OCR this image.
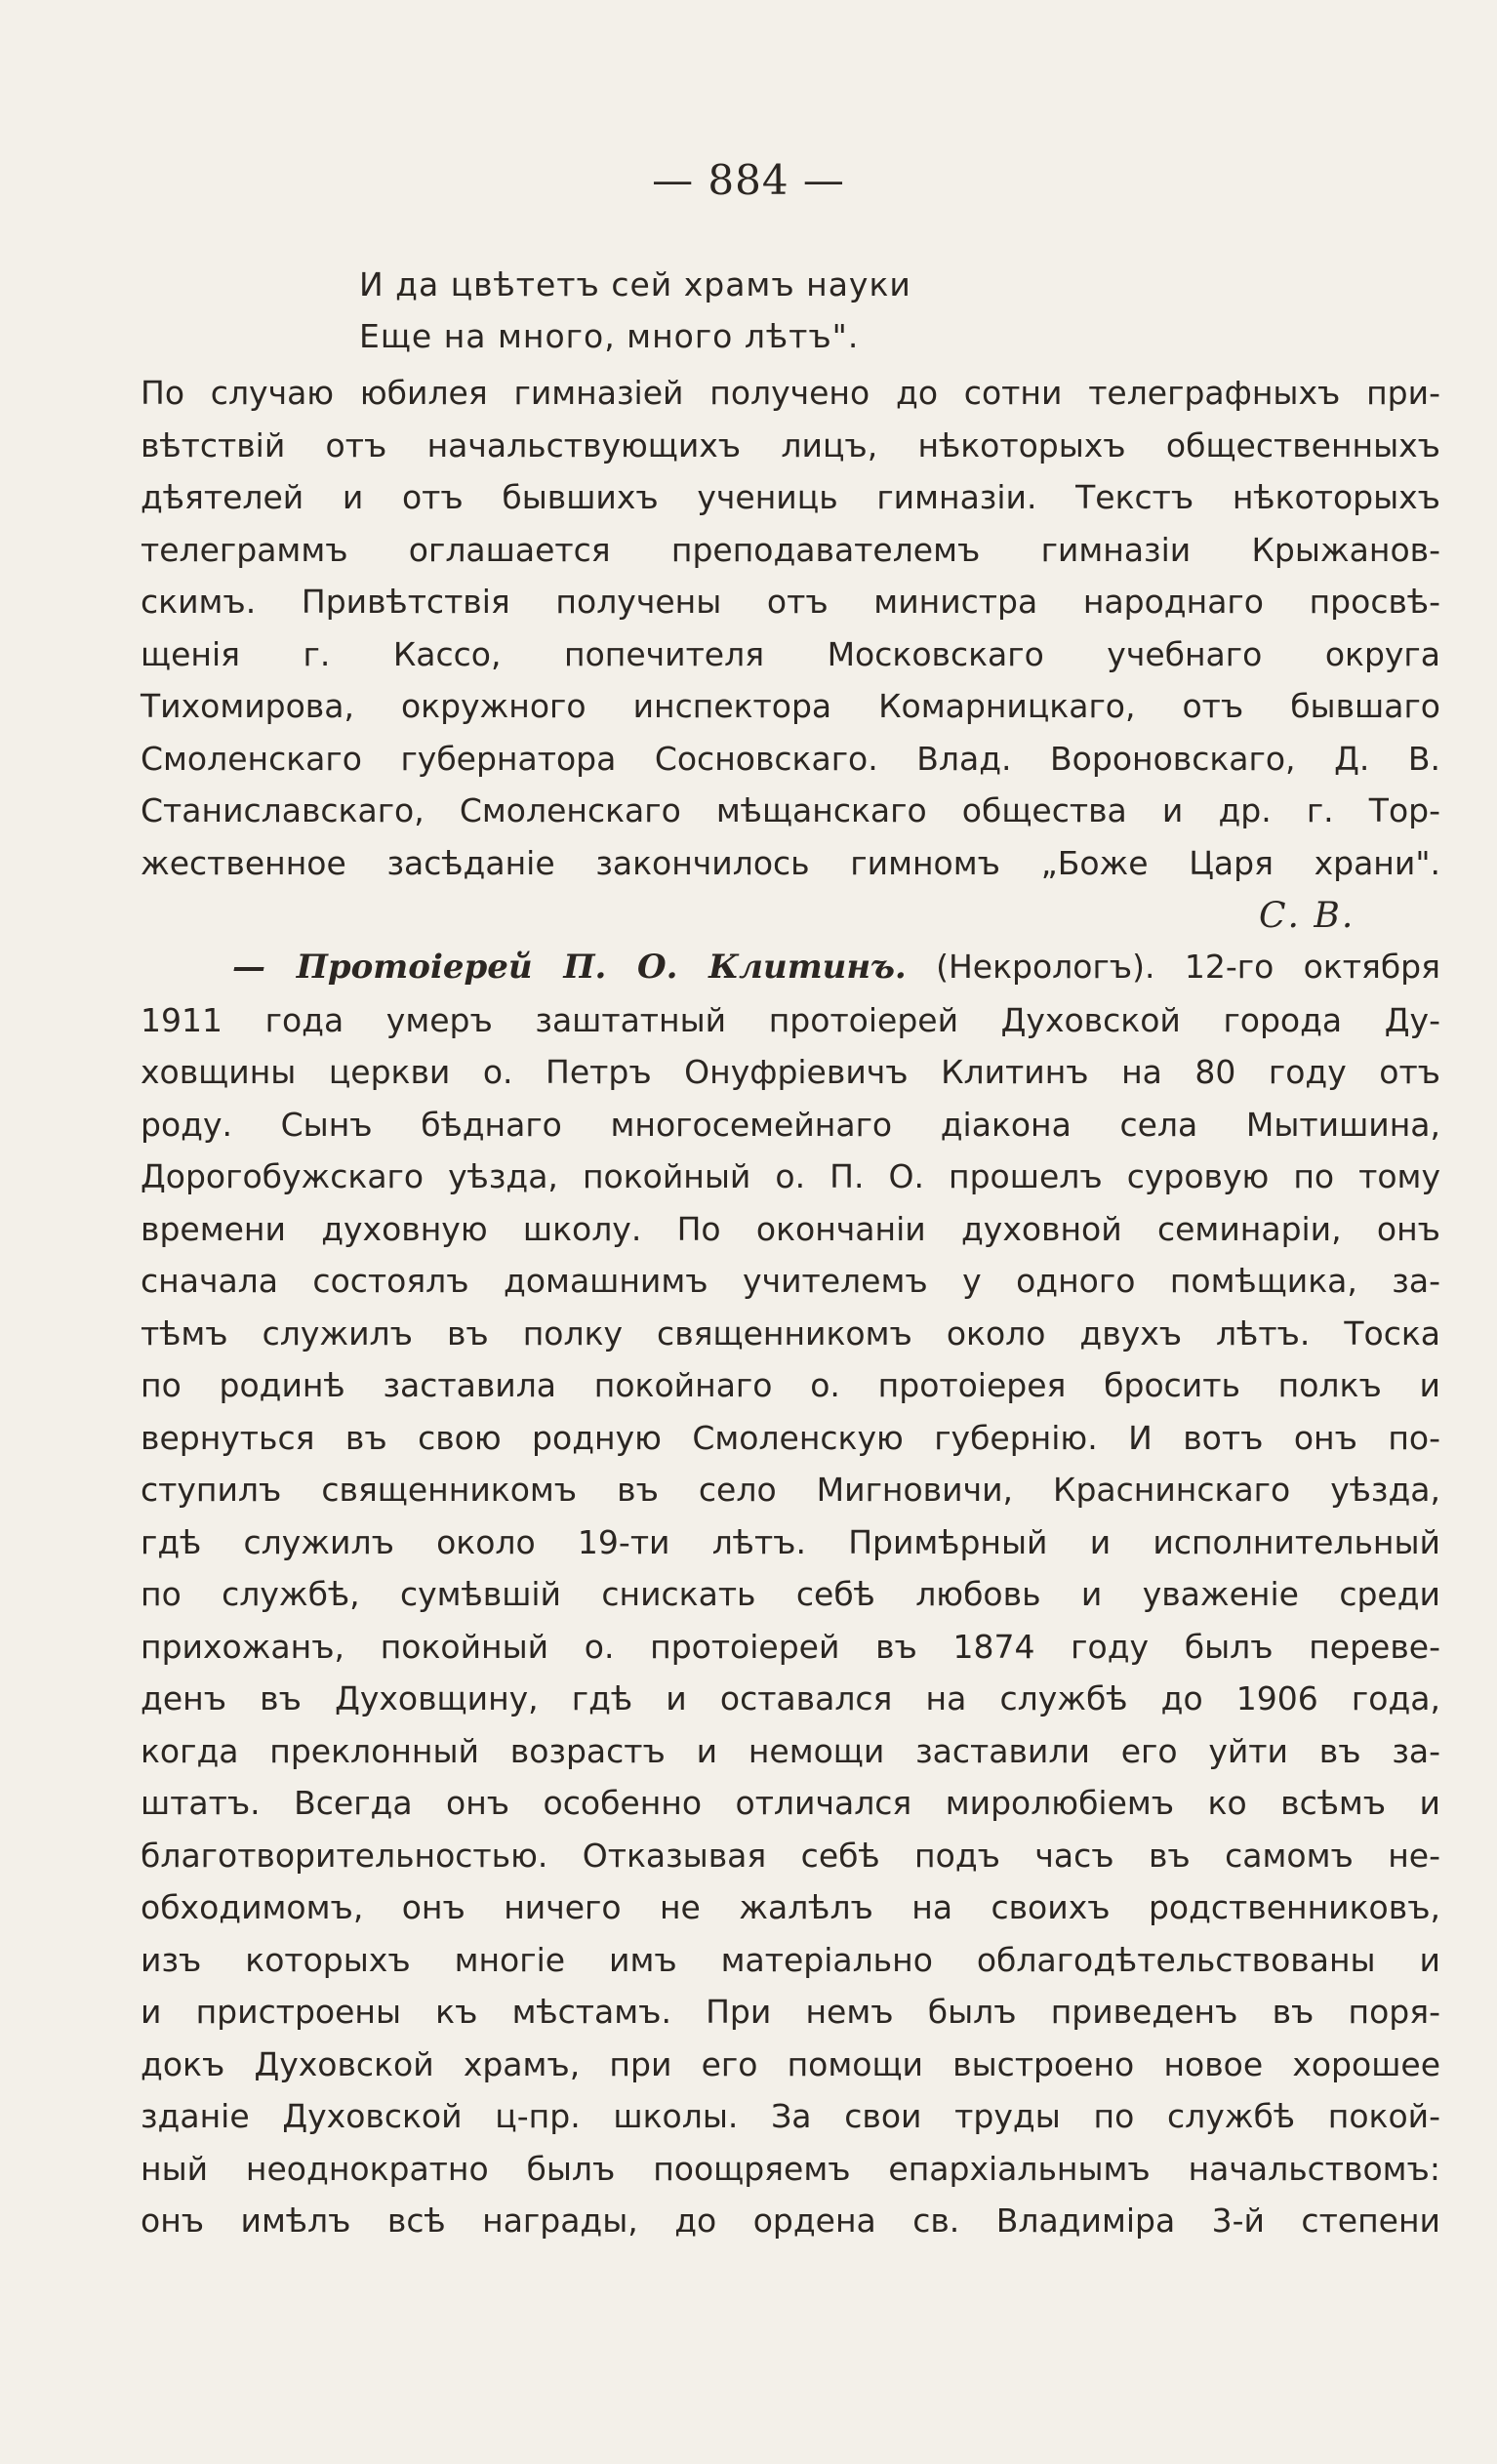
— 884 —
И да цвѣтетъ сей храмъ науки
Еще на много, много лѣтъ".
По случаю юбилея гимназіей получено до сотни телеграфныхъ при-
вѣтствій отъ начальствующихъ лицъ, нѣкоторыхъ общественныхъ
дѣятелей и отъ бывшихъ учениць гимназіи. Текстъ нѣкоторыхъ
телеграммъ оглашается преподавателемъ гимназіи Крыжанов-
скимъ. Привѣтствія получены отъ министра народнаго просвѣ-
щенія г. Кассо, попечителя Московскаго учебнаго округа
Тихомирова, окружного инспектора Комарницкаго, отъ бывшаго
Смоленскаго губернатора Сосновскаго. Влад. Вороновскаго, Д. В.
Станиславскаго, Смоленскаго мѣщанскаго общества и др. г. Тор-
жественное засѣданіе закончилось гимномъ „Боже Царя храни".
С. В.
— Протоіерей П. О. Клитинъ. (Некрологъ). 12-го октября
1911 года умеръ заштатный протоіерей Духовской города Ду-
ховщины церкви о. Петръ Онуфріевичъ Клитинъ на 80 году отъ
роду. Сынъ бѣднаго многосемейнаго діакона села Мытишина,
Дорогобужскаго уѣзда, покойный о. П. О. прошелъ суровую по тому
времени духовную школу. По окончаніи духовной семинаріи, онъ
сначала состоялъ домашнимъ учителемъ у одного помѣщика, за-
тѣмъ служилъ въ полку священникомъ около двухъ лѣтъ. Тоска
по родинѣ заставила покойнаго о. протоіерея бросить полкъ и
вернуться въ свою родную Смоленскую губернію. И вотъ онъ по-
ступилъ священникомъ въ село Мигновичи, Краснинскаго уѣзда,
гдѣ служилъ около 19-ти лѣтъ. Примѣрный и исполнительный
по службѣ, сумѣвшій снискать себѣ любовь и уваженіе среди
прихожанъ, покойный о. протоіерей въ 1874 году былъ переве-
денъ въ Духовщину, гдѣ и оставался на службѣ до 1906 года,
когда преклонный возрастъ и немощи заставили его уйти въ за-
штатъ. Всегда онъ особенно отличался миролюбіемъ ко всѣмъ и
благотворительностью. Отказывая себѣ подъ часъ въ самомъ не-
обходимомъ, онъ ничего не жалѣлъ на своихъ родственниковъ,
изъ которыхъ многіе имъ матеріально облагодѣтельствованы и
и пристроены къ мѣстамъ. При немъ былъ приведенъ въ поря-
докъ Духовской храмъ, при его помощи выстроено новое хорошее
зданіе Духовской ц-пр. школы. За свои труды по службѣ покой-
ный неоднократно былъ поощряемъ епархіальнымъ начальствомъ:
онъ имѣлъ всѣ награды, до ордена св. Владиміра 3-й степени
